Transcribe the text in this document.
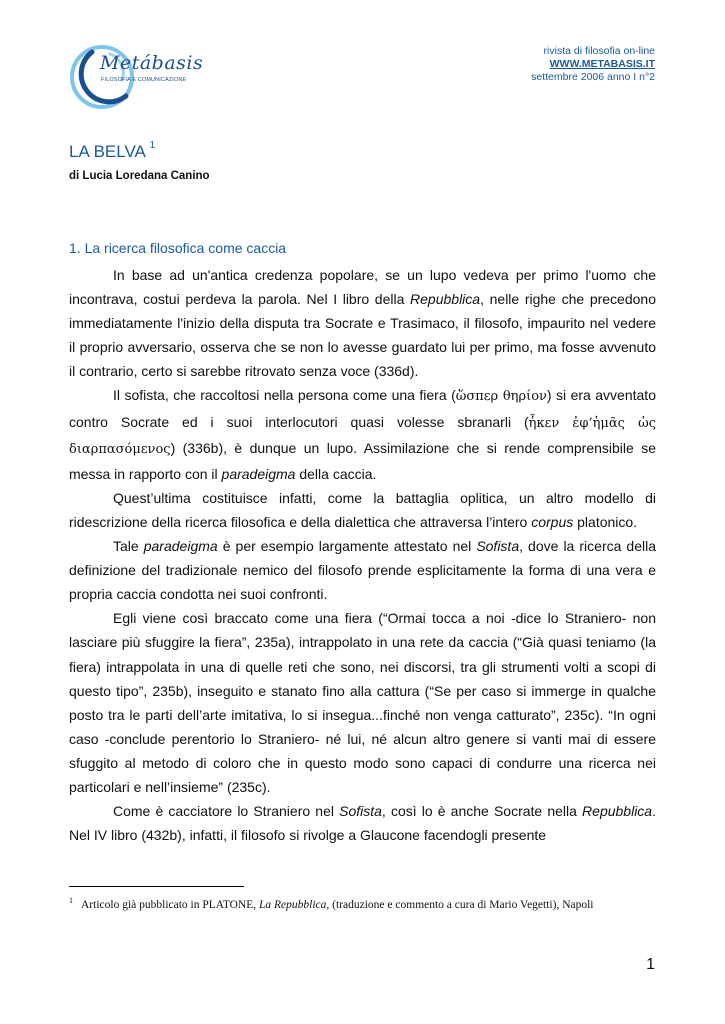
Metábasis
FILOSOFIA E COMUNICAZIONE
rivista di filosofia on-line
WWW.METABASIS.IT
settembre 2006 anno I n°2
LA BELVA $^1$
di Lucia Loredana Canino
1. La ricerca filosofica come caccia

In base ad un'antica credenza popolare, se un lupo vedeva per primo l'uomo che incontrava, costui perdeva la parola. Nel I libro della Repubblica, nelle righe che precedono immediatamente l'inizio della disputa tra Socrate e Trasimaco, il filosofo, impaurito nel vedere il proprio avversario, osserva che se non lo avesse guardato lui per primo, ma fosse avvenuto il contrario, certo si sarebbe ritrovato senza voce (336d).

Il sofista, che raccoltosi nella persona come una fiera (ὥσπερ θηρίον) si era avventato contro Socrate ed i suoi interlocutori quasi volesse sbranarli (ἧκεν ἐφ’ἡμᾶς ὡς διαρπασόμενος) (336b), è dunque un lupo. Assimilazione che si rende comprensibile se messa in rapporto con il paradeigma della caccia.

Quest’ultima costituisce infatti, come la battaglia oplitica, un altro modello di ridescrizione della ricerca filosofica e della dialettica che attraversa l’intero corpus platonico.

Tale paradeigma è per esempio largamente attestato nel Sofista, dove la ricerca della definizione del tradizionale nemico del filosofo prende esplicitamente la forma di una vera e propria caccia condotta nei suoi confronti.

Egli viene così braccato come una fiera (“Ormai tocca a noi -dice lo Straniero- non lasciare più sfuggire la fiera”, 235a), intrappolato in una rete da caccia (“Già quasi teniamo (la fiera) intrappolata in una di quelle reti che sono, nei discorsi, tra gli strumenti volti a scopi di questo tipo”, 235b), inseguito e stanato fino alla cattura (“Se per caso si immerge in qualche posto tra le parti dell’arte imitativa, lo si insegua...finché non venga catturato”, 235c). “In ogni caso -conclude perentorio lo Straniero- né lui, né alcun altro genere si vanti mai di essere sfuggito al metodo di coloro che in questo modo sono capaci di condurre una ricerca nei particolari e nell’insieme” (235c).

Come è cacciatore lo Straniero nel Sofista, così lo è anche Socrate nella Repubblica. Nel IV libro (432b), infatti, il filosofo si rivolge a Glaucone facendogli presente

$^1$ Articolo già pubblicato in PLATONE, La Repubblica, (traduzione e commento a cura di Mario Vegetti), Napoli
1
